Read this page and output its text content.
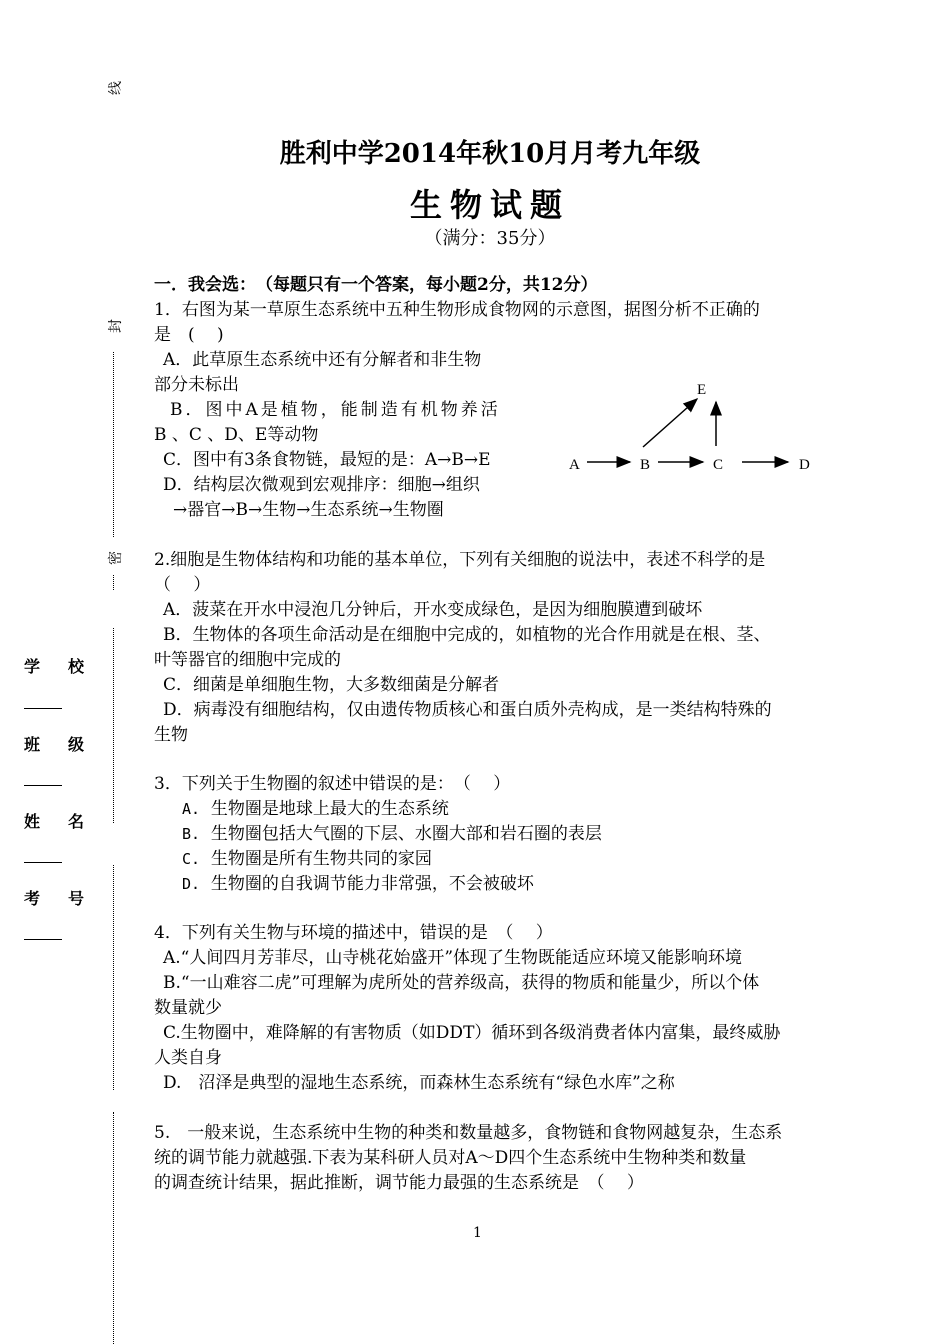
线
封
密
学校
班级
姓名
考号
胜利中学2014年秋10月月考九年级
生物试题
（满分：35分）
一．我会选：　（每题只有一个答案，每小题2分，共12分）
1．右图为某一草原生态系统中五种生物形成食物网的示意图，据图分析不正确的
是　(　 )
A．此草原生态系统中还有分解者和非生物
部分未标出
B．图中A是植物，能制造有机物养活
B 、C 、D、E等动物
C．图中有3条食物链，最短的是：A→B→E
D．结构层次微观到宏观排序：细胞→组织
→器官→B→生物→生态系统→生物圈
A	B	C	D
E
2.细胞是生物体结构和功能的基本单位，下列有关细胞的说法中，表述不科学的是
（　 ）
A．菠菜在开水中浸泡几分钟后，开水变成绿色，是因为细胞膜遭到破坏
B．生物体的各项生命活动是在细胞中完成的，如植物的光合作用就是在根、茎、
叶等器官的细胞中完成的
C．细菌是单细胞生物，大多数细菌是分解者
D．病毒没有细胞结构，仅由遗传物质核心和蛋白质外壳构成，是一类结构特殊的
生物
3．下列关于生物圈的叙述中错误的是：　（　 ）
A. 生物圈是地球上最大的生态系统
B. 生物圈包括大气圈的下层、水圈大部和岩石圈的表层
C. 生物圈是所有生物共同的家园
D. 生物圈的自我调节能力非常强，不会被破坏
4．下列有关生物与环境的描述中，错误的是　（　 ）
A.“人间四月芳菲尽，山寺桃花始盛开”体现了生物既能适应环境又能影响环境
B.“一山难容二虎”可理解为虎所处的营养级高，获得的物质和能量少，所以个体
数量就少
C.生物圈中，难降解的有害物质（如DDT）循环到各级消费者体内富集，最终威胁
人类自身
D.　沼泽是典型的湿地生态系统，而森林生态系统有“绿色水库”之称
5.　一般来说，生态系统中生物的种类和数量越多，食物链和食物网越复杂，生态系
统的调节能力就越强.下表为某科研人员对A～D四个生态系统中生物种类和数量
的调查统计结果，据此推断，调节能力最强的生态系统是　（　 ）
1
